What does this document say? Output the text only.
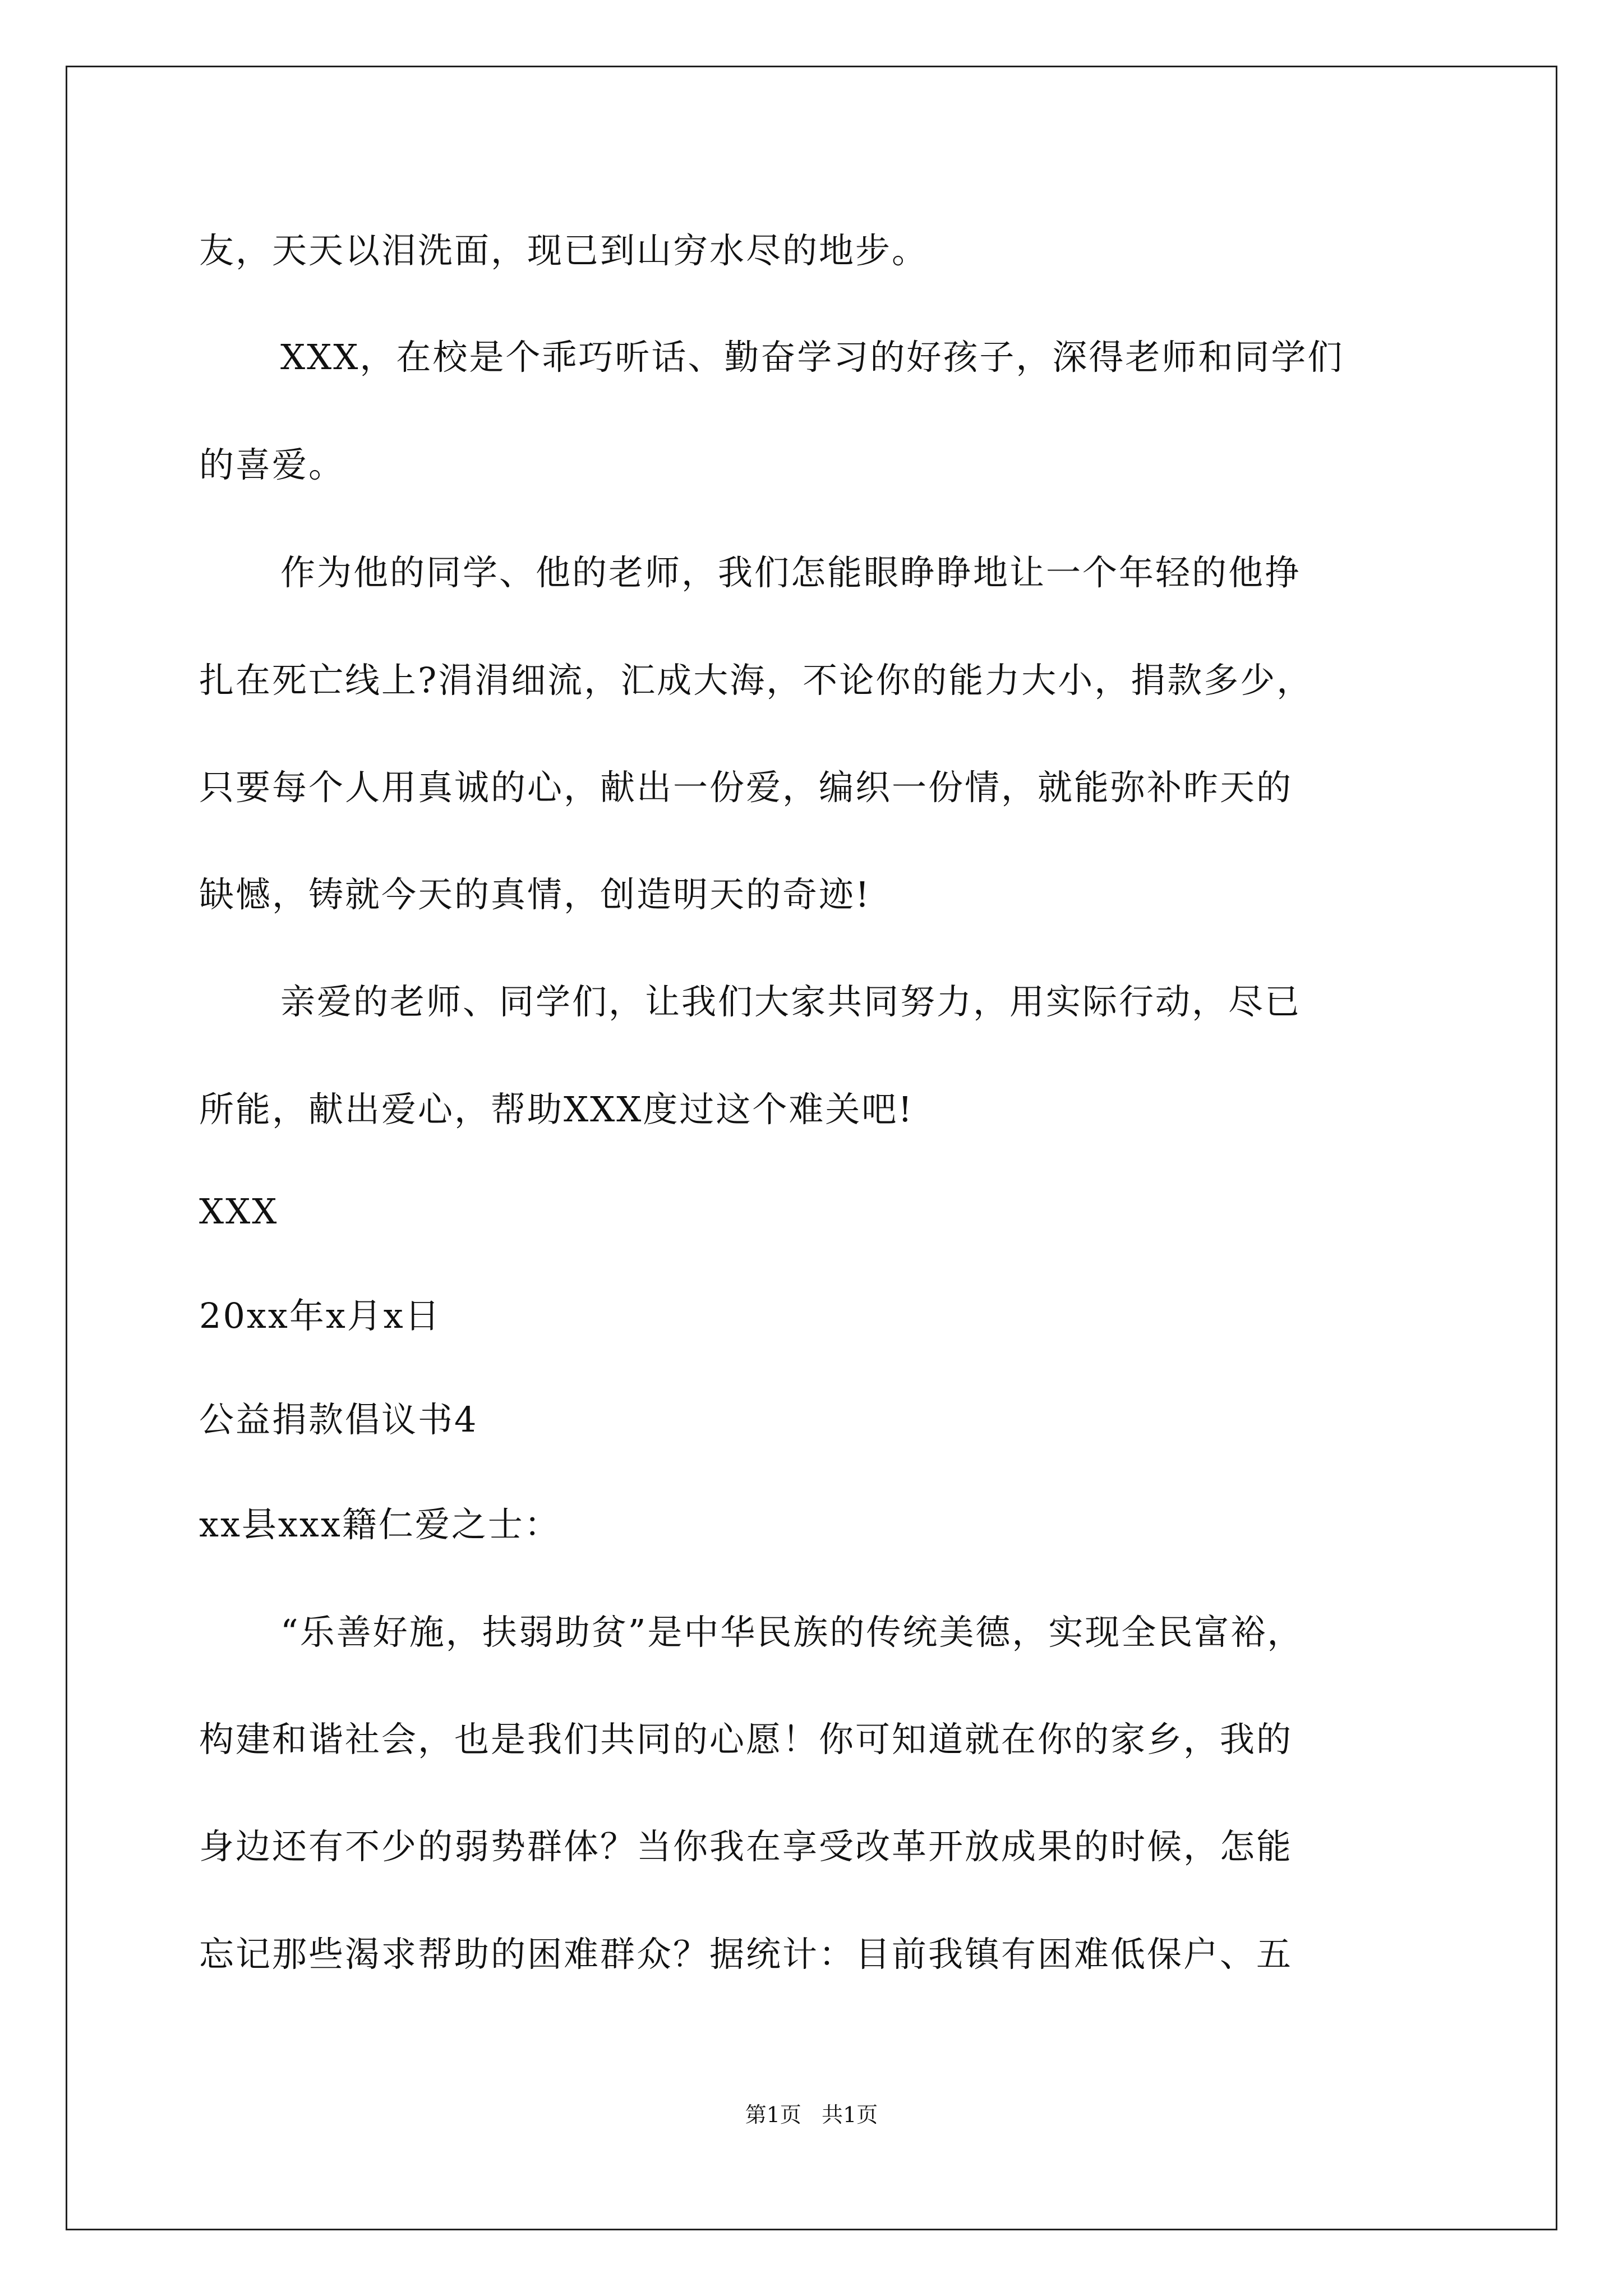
友，天天以泪洗面，现已到山穷水尽的地步。
XXX，在校是个乖巧听话、勤奋学习的好孩子，深得老师和同学们
的喜爱。
作为他的同学、他的老师，我们怎能眼睁睁地让一个年轻的他挣
扎在死亡线上?涓涓细流，汇成大海，不论你的能力大小，捐款多少，
只要每个人用真诚的心，献出一份爱，编织一份情，就能弥补昨天的
缺憾，铸就今天的真情，创造明天的奇迹!
亲爱的老师、同学们，让我们大家共同努力，用实际行动，尽已
所能，献出爱心，帮助XXX度过这个难关吧!
XXX
20xx年x月x日
公益捐款倡议书4
xx县xxx籍仁爱之士：
“乐善好施，扶弱助贫”是中华民族的传统美德，实现全民富裕，
构建和谐社会，也是我们共同的心愿！你可知道就在你的家乡，我的
身边还有不少的弱势群体？当你我在享受改革开放成果的时候，怎能
忘记那些渴求帮助的困难群众？据统计：目前我镇有困难低保户、五
第1页   共1页
